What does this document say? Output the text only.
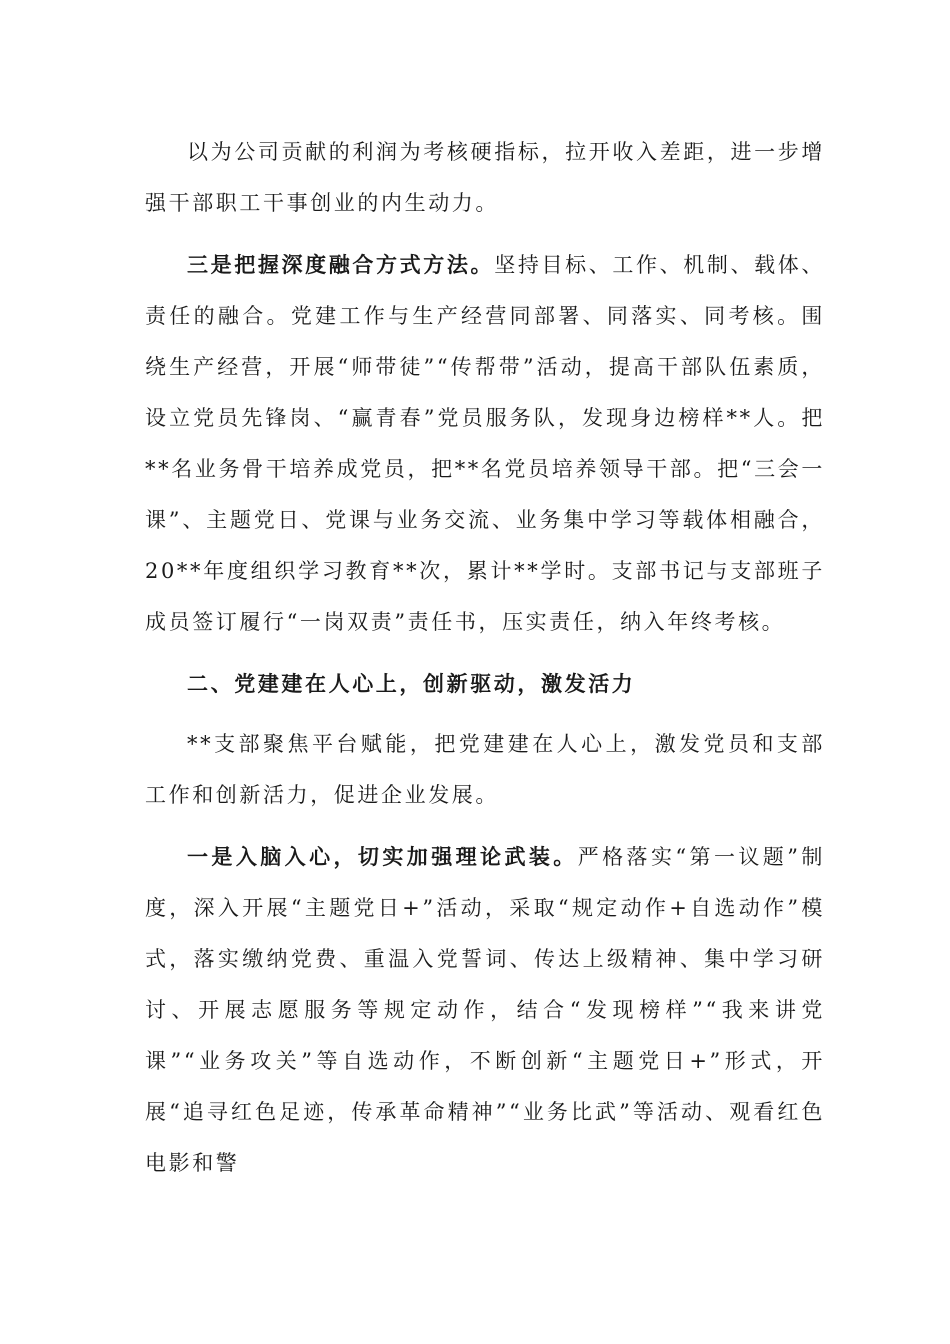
以为公司贡献的利润为考核硬指标，拉开收入差距，进一步增强干部职工干事创业的内生动力。

三是把握深度融合方式方法。坚持目标、工作、机制、载体、责任的融合。党建工作与生产经营同部署、同落实、同考核。围绕生产经营，开展“师带徒”“传帮带”活动，提高干部队伍素质，设立党员先锋岗、“赢青春”党员服务队，发现身边榜样**人。把**名业务骨干培养成党员，把**名党员培养领导干部。把“三会一课”、主题党日、党课与业务交流、业务集中学习等载体相融合，20**年度组织学习教育**次，累计**学时。支部书记与支部班子成员签订履行“一岗双责”责任书，压实责任，纳入年终考核。

二、党建建在人心上，创新驱动，激发活力

**支部聚焦平台赋能，把党建建在人心上，激发党员和支部工作和创新活力，促进企业发展。

一是入脑入心，切实加强理论武装。严格落实“第一议题”制度，深入开展“主题党日+”活动，采取“规定动作+自选动作”模式，落实缴纳党费、重温入党誓词、传达上级精神、集中学习研讨、开展志愿服务等规定动作，结合“发现榜样”“我来讲党课”“业务攻关”等自选动作，不断创新“主题党日+”形式，开展“追寻红色足迹，传承革命精神”“业务比武”等活动、观看红色电影和警
